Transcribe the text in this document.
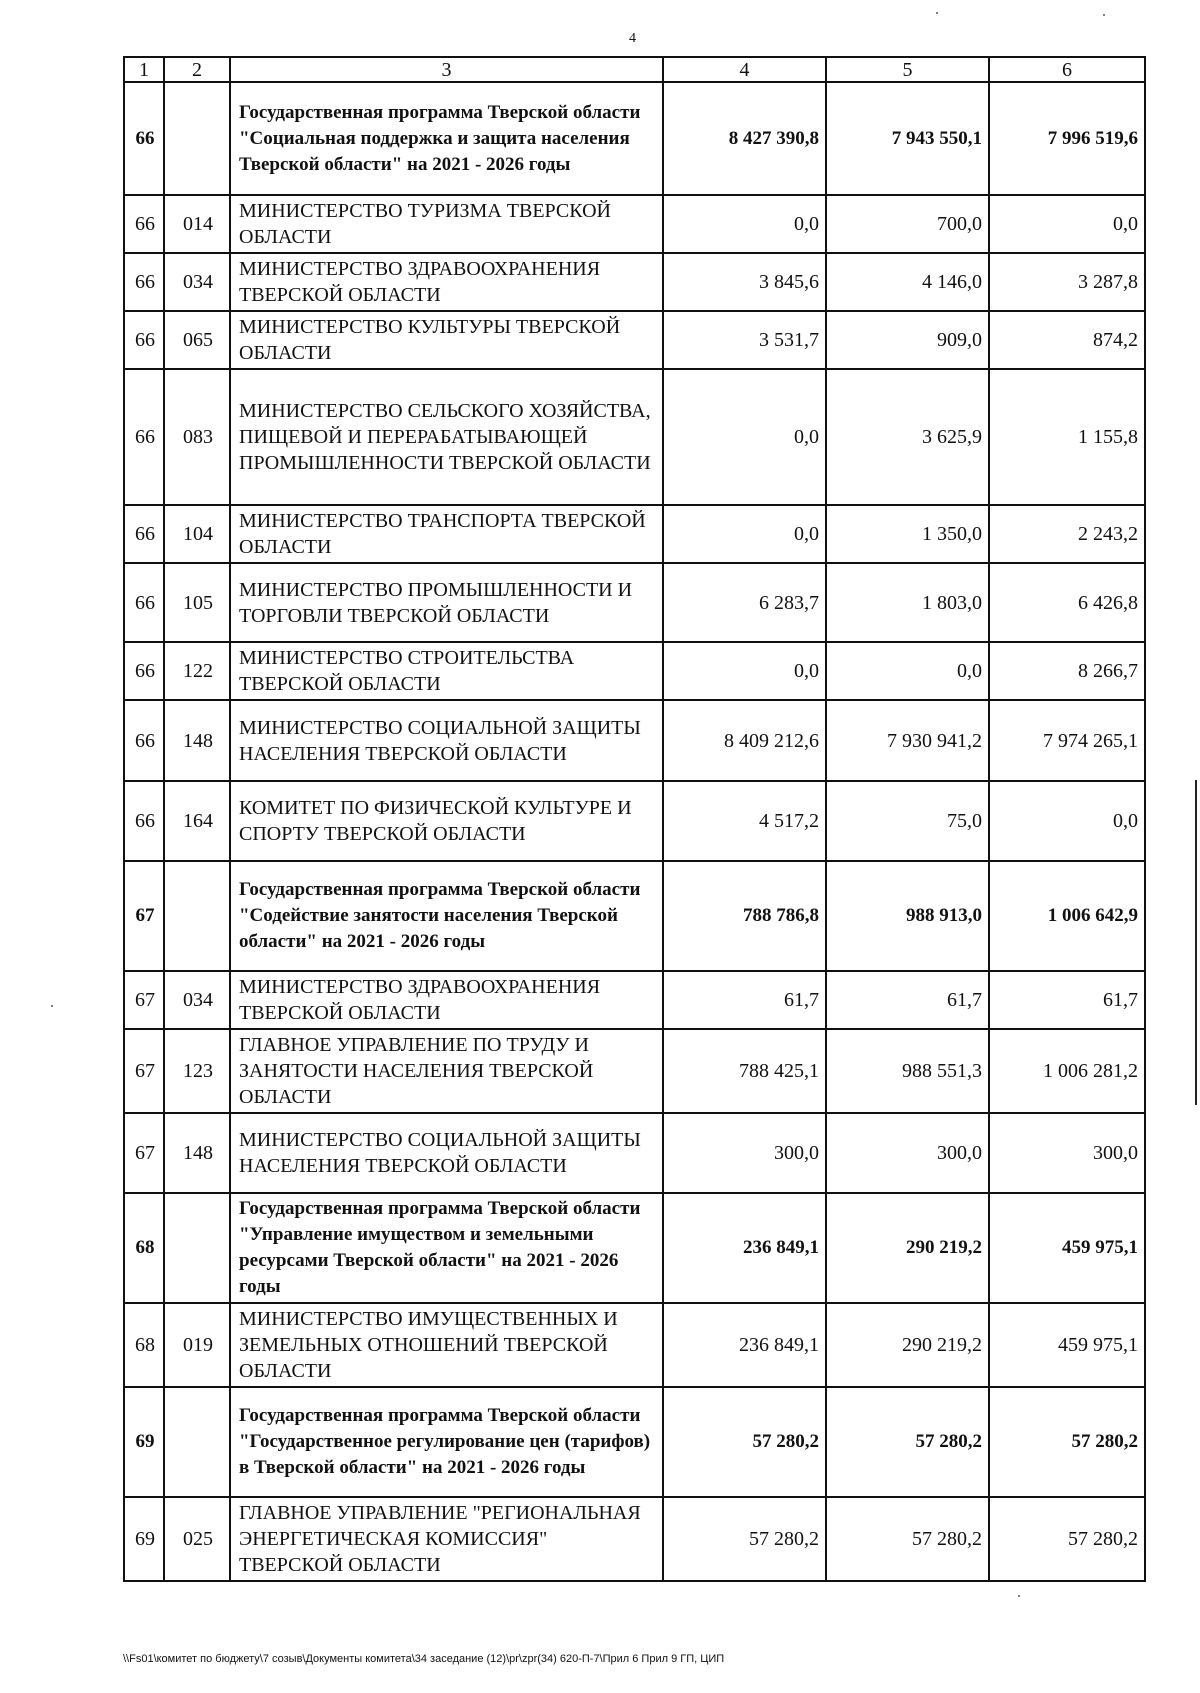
4
1	2	3	4	5	6
66		Государственная программа Тверской области "Социальная поддержка и защита населения Тверской области" на 2021 - 2026 годы	8 427 390,8	7 943 550,1	7 996 519,6
66	014	МИНИСТЕРСТВО ТУРИЗМА ТВЕРСКОЙ ОБЛАСТИ	0,0	700,0	0,0
66	034	МИНИСТЕРСТВО ЗДРАВООХРАНЕНИЯ ТВЕРСКОЙ ОБЛАСТИ	3 845,6	4 146,0	3 287,8
66	065	МИНИСТЕРСТВО КУЛЬТУРЫ ТВЕРСКОЙ ОБЛАСТИ	3 531,7	909,0	874,2
66	083	МИНИСТЕРСТВО СЕЛЬСКОГО ХОЗЯЙСТВА, ПИЩЕВОЙ И ПЕРЕРАБАТЫВАЮЩЕЙ ПРОМЫШЛЕННОСТИ ТВЕРСКОЙ ОБЛАСТИ	0,0	3 625,9	1 155,8
66	104	МИНИСТЕРСТВО ТРАНСПОРТА ТВЕРСКОЙ ОБЛАСТИ	0,0	1 350,0	2 243,2
66	105	МИНИСТЕРСТВО ПРОМЫШЛЕННОСТИ И ТОРГОВЛИ ТВЕРСКОЙ ОБЛАСТИ	6 283,7	1 803,0	6 426,8
66	122	МИНИСТЕРСТВО СТРОИТЕЛЬСТВА ТВЕРСКОЙ ОБЛАСТИ	0,0	0,0	8 266,7
66	148	МИНИСТЕРСТВО СОЦИАЛЬНОЙ ЗАЩИТЫ НАСЕЛЕНИЯ ТВЕРСКОЙ ОБЛАСТИ	8 409 212,6	7 930 941,2	7 974 265,1
66	164	КОМИТЕТ ПО ФИЗИЧЕСКОЙ КУЛЬТУРЕ И СПОРТУ ТВЕРСКОЙ ОБЛАСТИ	4 517,2	75,0	0,0
67		Государственная программа Тверской области "Содействие занятости населения Тверской области" на 2021 - 2026 годы	788 786,8	988 913,0	1 006 642,9
67	034	МИНИСТЕРСТВО ЗДРАВООХРАНЕНИЯ ТВЕРСКОЙ ОБЛАСТИ	61,7	61,7	61,7
67	123	ГЛАВНОЕ УПРАВЛЕНИЕ ПО ТРУДУ И ЗАНЯТОСТИ НАСЕЛЕНИЯ ТВЕРСКОЙ ОБЛАСТИ	788 425,1	988 551,3	1 006 281,2
67	148	МИНИСТЕРСТВО СОЦИАЛЬНОЙ ЗАЩИТЫ НАСЕЛЕНИЯ ТВЕРСКОЙ ОБЛАСТИ	300,0	300,0	300,0
68		Государственная программа Тверской области "Управление имуществом и земельными ресурсами Тверской области" на 2021 - 2026 годы	236 849,1	290 219,2	459 975,1
68	019	МИНИСТЕРСТВО ИМУЩЕСТВЕННЫХ И ЗЕМЕЛЬНЫХ ОТНОШЕНИЙ ТВЕРСКОЙ ОБЛАСТИ	236 849,1	290 219,2	459 975,1
69		Государственная программа Тверской области "Государственное регулирование цен (тарифов) в Тверской области" на 2021 - 2026 годы	57 280,2	57 280,2	57 280,2
69	025	ГЛАВНОЕ УПРАВЛЕНИЕ "РЕГИОНАЛЬНАЯ ЭНЕРГЕТИЧЕСКАЯ КОМИССИЯ" ТВЕРСКОЙ ОБЛАСТИ	57 280,2	57 280,2	57 280,2
\\Fs01\комитет по бюджету\7 созыв\Документы комитета\34 заседание (12)\pr\zpr(34) 620-П-7\Прил 6 Прил 9 ГП, ЦИП
